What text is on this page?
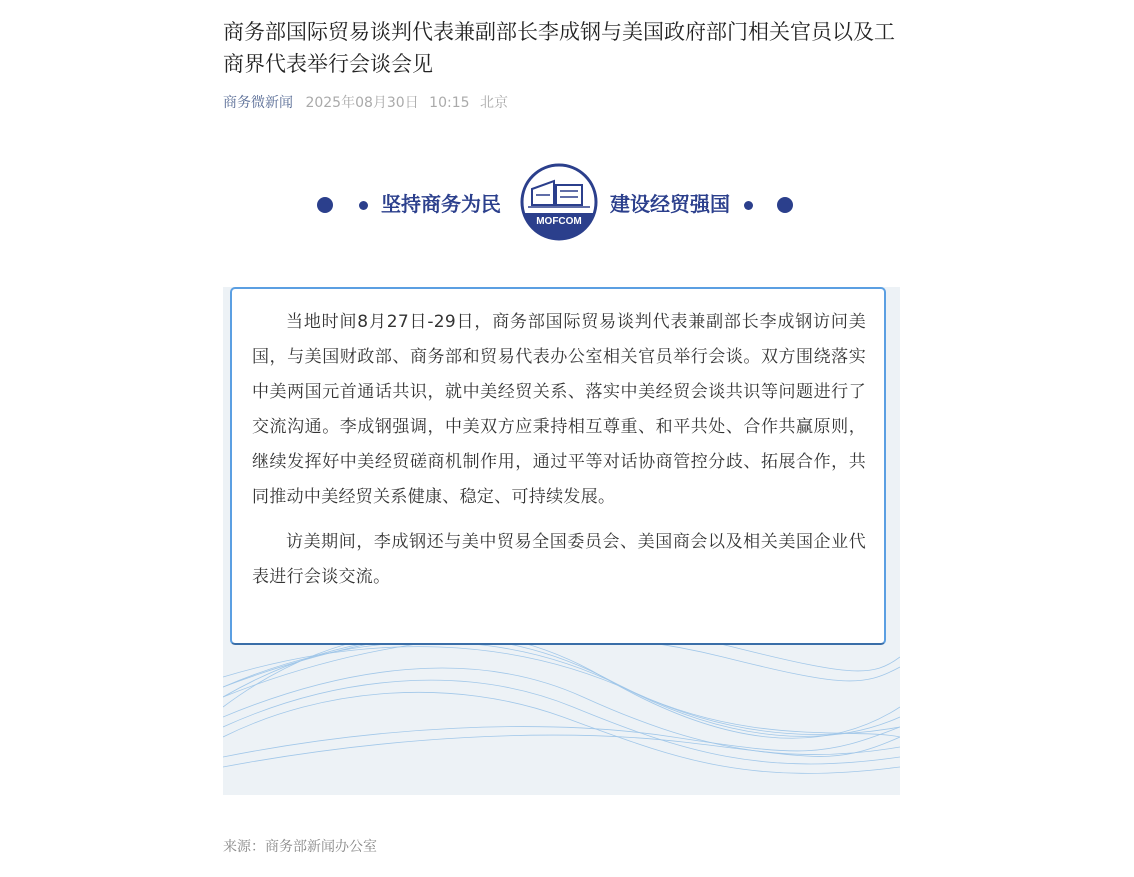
商务部国际贸易谈判代表兼副部长李成钢与美国政府部门相关官员以及工商界代表举行会谈会见
商务微新闻 2025年08月30日 10:15 北京
坚持商务为民
MOFCOM
建设经贸强国

当地时间8月27日-29日，商务部国际贸易谈判代表兼副部长李成钢访问美国，与美国财政部、商务部和贸易代表办公室相关官员举行会谈。双方围绕落实中美两国元首通话共识，就中美经贸关系、落实中美经贸会谈共识等问题进行了交流沟通。李成钢强调，中美双方应秉持相互尊重、和平共处、合作共赢原则，继续发挥好中美经贸磋商机制作用，通过平等对话协商管控分歧、拓展合作，共同推动中美经贸关系健康、稳定、可持续发展。

访美期间，李成钢还与美中贸易全国委员会、美国商会以及相关美国企业代表进行会谈交流。

来源：商务部新闻办公室
